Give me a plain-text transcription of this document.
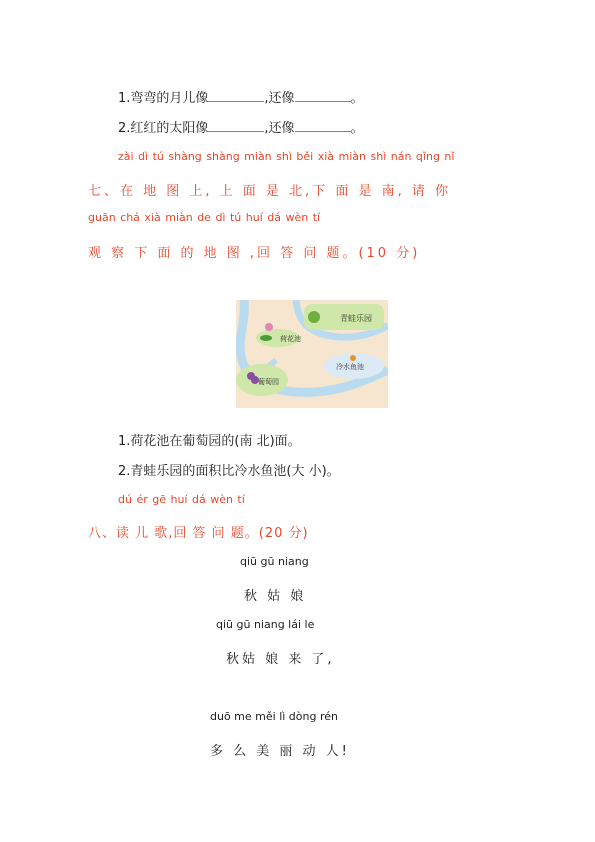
1.弯弯的月儿像	,还像	。
2.红红的太阳像	,还像	。
zài dì tú shàng shàng miàn shì běi xià miàn shì nán qǐng nǐ
七、在 地 图 上, 上 面 是 北,下 面 是 南, 请 你
guān chá xià miàn de dì tú huí dá wèn tí
观 察 下 面 的 地 图 ,回 答 问 题。(10 分)
青蛙乐园
荷花池
冷水鱼池
葡萄园
1.荷花池在葡萄园的(南 北)面。
2.青蛙乐园的面积比冷水鱼池(大 小)。
dú ér gē huí dá wèn tí
八、读 儿 歌,回 答 问 题。(20 分)
qiū gū niang
秋 姑 娘
qiū gū niang lái le
秋姑 娘 来 了,
duō me měi lì dòng rén
多 么 美 丽 动 人!
